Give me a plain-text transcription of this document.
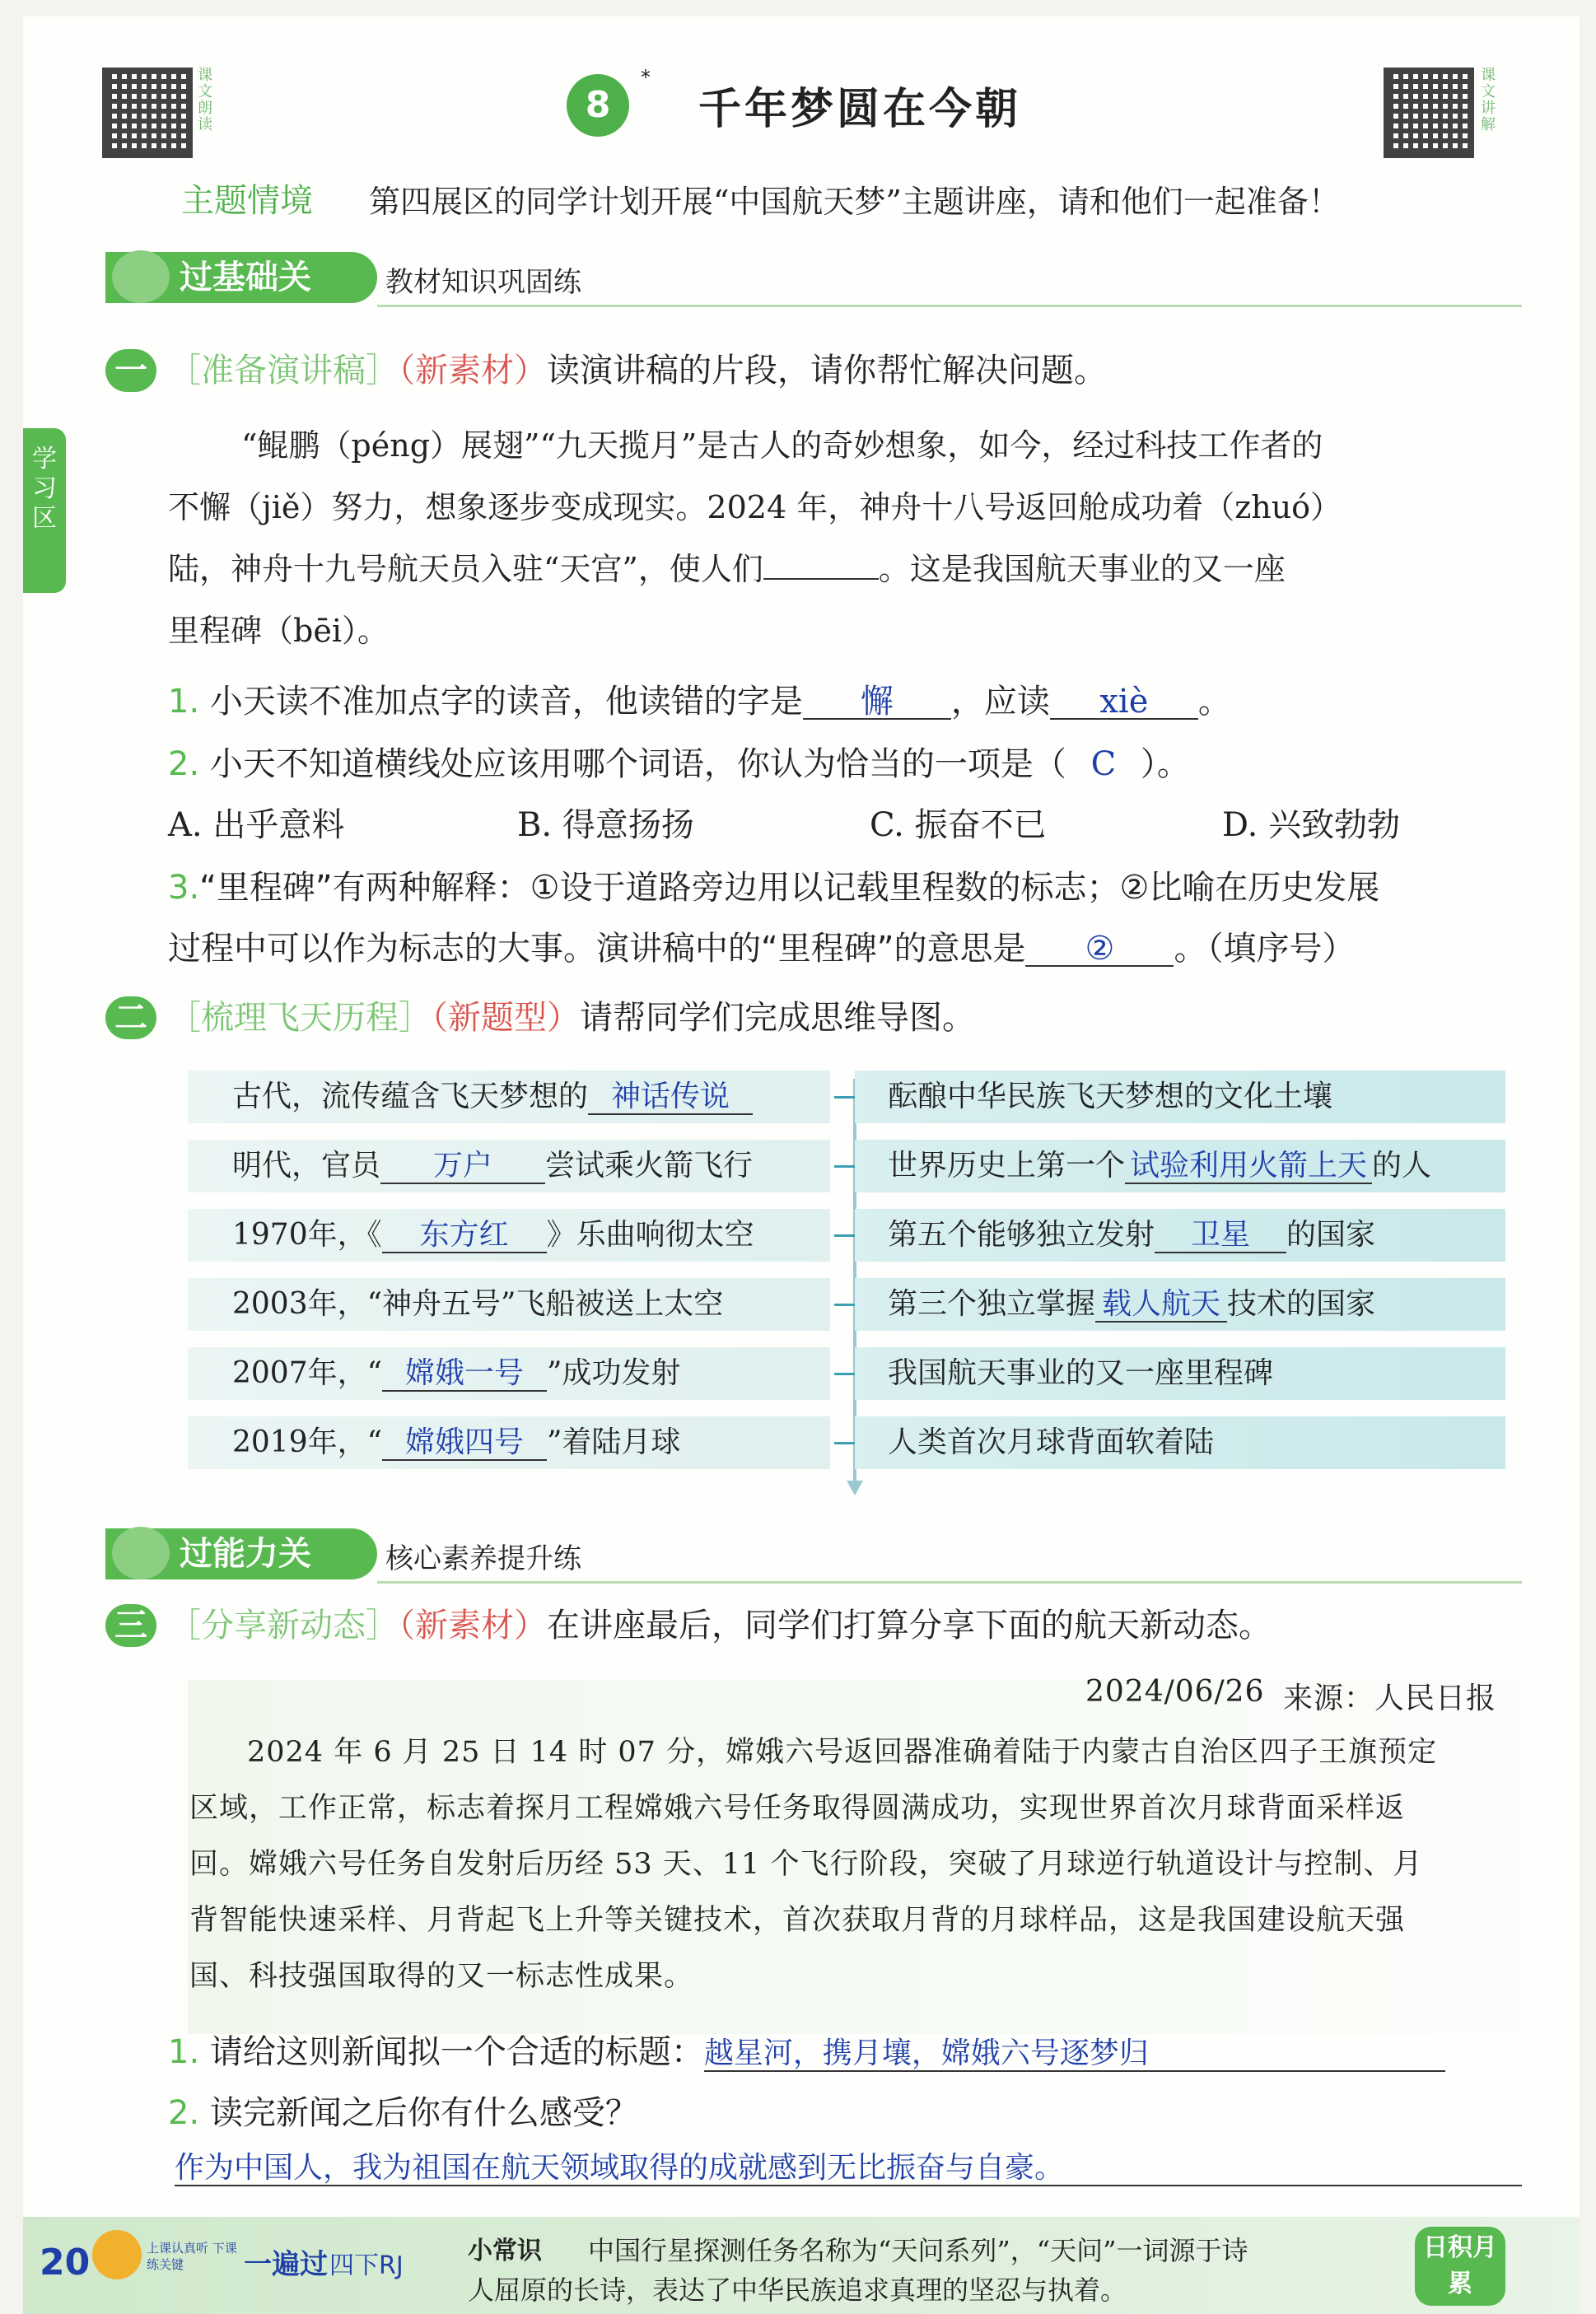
课文朗读	8
*
千年梦圆在今朝
课文讲解
主题情境 第四展区的同学计划开展“中国航天梦”主题讲座，请和他们一起准备！
学习区
过基础关	教材知识巩固练
一 ［准备演讲稿］（新素材）读演讲稿的片段，请你帮忙解决问题。
“鲲鹏（péng）展翅”“九天揽月”是古人的奇妙想象，如今，经过科技工作者的
不懈（jiě）努力，想象逐步变成现实。2024 年，神舟十八号返回舱成功着（zhuó）
陆，神舟十九号航天员入驻“天宫”，使人们	。这是我国航天事业的又一座
里程碑（bēi）。
1. 小天读不准加点字的读音，他读错的字是 懈 ，应读 xiè 。
2. 小天不知道横线处应该用哪个词语，你认为恰当的一项是（ C ）。
A. 出乎意料	B. 得意扬扬	C. 振奋不已	D. 兴致勃勃
3.“里程碑”有两种解释：①设于道路旁边用以记载里程数的标志；②比喻在历史发展
过程中可以作为标志的大事。演讲稿中的“里程碑”的意思是 ② 。（填序号）
二 ［梳理飞天历程］（新题型）请帮同学们完成思维导图。
古代，流传蕴含飞天梦想的 神话传说	酝酿中华民族飞天梦想的文化土壤
明代，官员 万户 尝试乘火箭飞行	世界历史上第一个 试验利用火箭上天 的人
1970年，《 东方红 》乐曲响彻太空	第五个能够独立发射 卫星 的国家
2003年，“神舟五号”飞船被送上太空	第三个独立掌握 载人航天 技术的国家
2007年，“ 嫦娥一号 ”成功发射	我国航天事业的又一座里程碑
2019年，“ 嫦娥四号 ”着陆月球	人类首次月球背面软着陆
过能力关	核心素养提升练
三 ［分享新动态］（新素材）在讲座最后，同学们打算分享下面的航天新动态。
2024/06/26 来源：人民日报
2024 年 6 月 25 日 14 时 07 分，嫦娥六号返回器准确着陆于内蒙古自治区四子王旗预定
区域，工作正常，标志着探月工程嫦娥六号任务取得圆满成功，实现世界首次月球背面采样返
回。嫦娥六号任务自发射后历经 53 天、11 个飞行阶段，突破了月球逆行轨道设计与控制、月
背智能快速采样、月背起飞上升等关键技术，首次获取月背的月球样品，这是我国建设航天强
国、科技强国取得的又一标志性成果。
1. 请给这则新闻拟一个合适的标题：越星河，携月壤，嫦娥六号逐梦归
2. 读完新闻之后你有什么感受？
作为中国人，我为祖国在航天领域取得的成就感到无比振奋与自豪。
20	上课认真听 下课练关键	一遍过 四下RJ
小常识 中国行星探测任务名称为“天问系列”，“天问”一词源于诗
人屈原的长诗，表达了中华民族追求真理的坚忍与执着。
日积月累
